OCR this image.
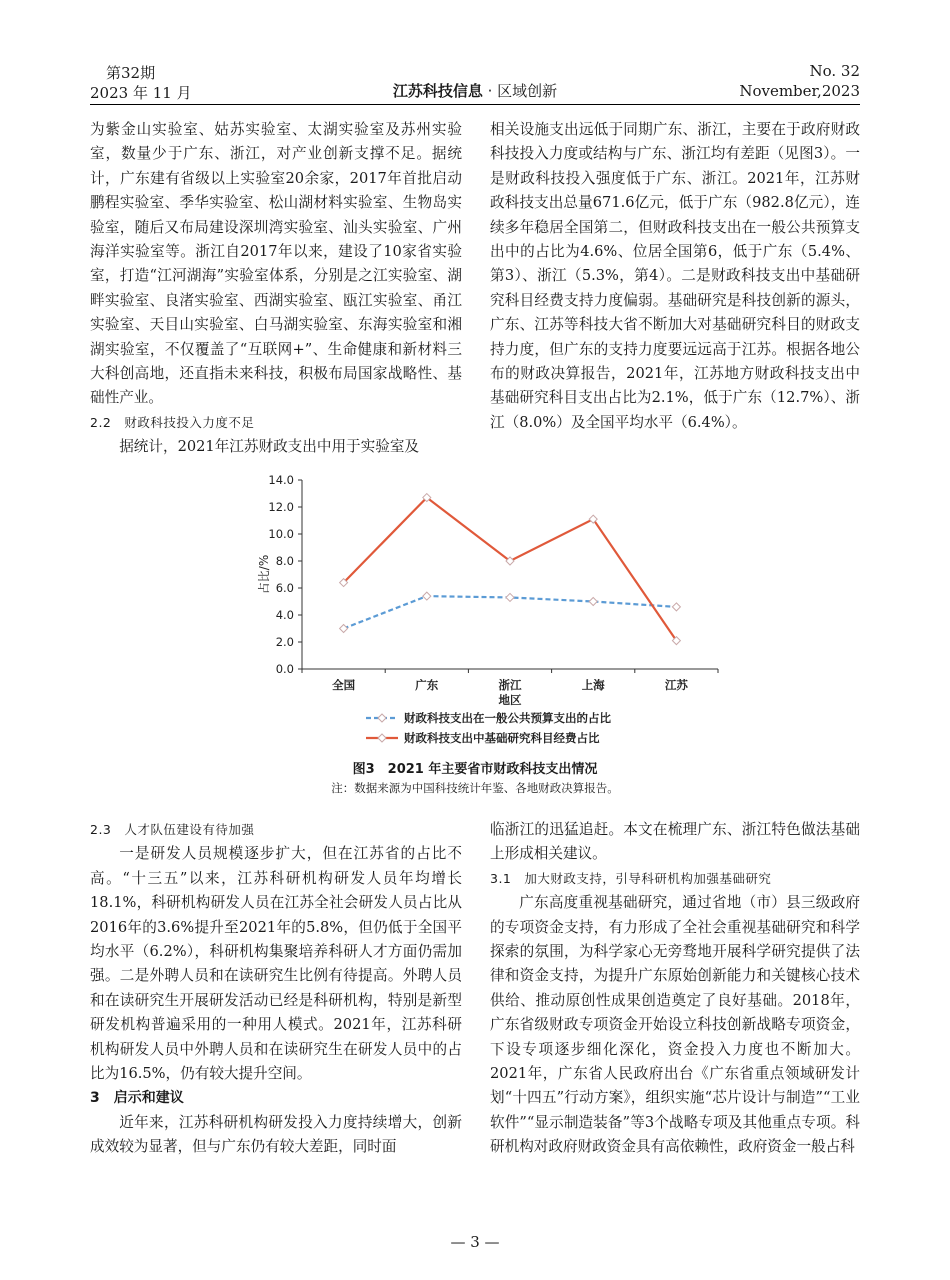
第32期
2023 年 11 月	江苏科技信息 · 区域创新
No. 32
November,2023

为紫金山实验室、姑苏实验室、太湖实验室及苏州实验室，数量少于广东、浙江，对产业创新支撑不足。据统计，广东建有省级以上实验室20余家，2017年首批启动鹏程实验室、季华实验室、松山湖材料实验室、生物岛实验室，随后又布局建设深圳湾实验室、汕头实验室、广州海洋实验室等。浙江自2017年以来，建设了10家省实验室，打造“江河湖海”实验室体系，分别是之江实验室、湖畔实验室、良渚实验室、西湖实验室、瓯江实验室、甬江实验室、天目山实验室、白马湖实验室、东海实验室和湘湖实验室，不仅覆盖了“互联网+”、生命健康和新材料三大科创高地，还直指未来科技，积极布局国家战略性、基础性产业。

2.2　财政科技投入力度不足

据统计，2021年江苏财政支出中用于实验室及

相关设施支出远低于同期广东、浙江，主要在于政府财政科技投入力度或结构与广东、浙江均有差距（见图3）。一是财政科技投入强度低于广东、浙江。2021年，江苏财政科技支出总量671.6亿元，低于广东（982.8亿元），连续多年稳居全国第二，但财政科技支出在一般公共预算支出中的占比为4.6%、位居全国第6，低于广东（5.4%、第3）、浙江（5.3%，第4）。二是财政科技支出中基础研究科目经费支持力度偏弱。基础研究是科技创新的源头，广东、江苏等科技大省不断加大对基础研究科目的财政支持力度，但广东的支持力度要远远高于江苏。根据各地公布的财政决算报告，2021年，江苏地方财政科技支出中基础研究科目支出占比为2.1%，低于广东（12.7%）、浙江（8.0%）及全国平均水平（6.4%）。

0.0
2.0
4.0
6.0
8.0
10.0
12.0
14.0
全国	广东	浙江	上海	江苏
地区
占比/%
财政科技支出在一般公共预算支出的占比
财政科技支出中基础研究科目经费占比
图3　2021 年主要省市财政科技支出情况
注：数据来源为中国科技统计年鉴、各地财政决算报告。

2.3　人才队伍建设有待加强

一是研发人员规模逐步扩大，但在江苏省的占比不高。“十三五”以来，江苏科研机构研发人员年均增长18.1%，科研机构研发人员在江苏全社会研发人员占比从2016年的3.6%提升至2021年的5.8%，但仍低于全国平均水平（6.2%），科研机构集聚培养科研人才方面仍需加强。二是外聘人员和在读研究生比例有待提高。外聘人员和在读研究生开展研发活动已经是科研机构，特别是新型研发机构普遍采用的一种用人模式。2021年，江苏科研机构研发人员中外聘人员和在读研究生在研发人员中的占比为16.5%，仍有较大提升空间。

3　启示和建议

近年来，江苏科研机构研发投入力度持续增大，创新成效较为显著，但与广东仍有较大差距，同时面

临浙江的迅猛追赶。本文在梳理广东、浙江特色做法基础上形成相关建议。

3.1　加大财政支持，引导科研机构加强基础研究

广东高度重视基础研究，通过省地（市）县三级政府的专项资金支持，有力形成了全社会重视基础研究和科学探索的氛围，为科学家心无旁骛地开展科学研究提供了法律和资金支持，为提升广东原始创新能力和关键核心技术供给、推动原创性成果创造奠定了良好基础。2018年，广东省级财政专项资金开始设立科技创新战略专项资金，下设专项逐步细化深化，资金投入力度也不断加大。2021年，广东省人民政府出台《广东省重点领域研发计划“十四五”行动方案》，组织实施“芯片设计与制造”“工业软件”“显示制造装备”等3个战略专项及其他重点专项。科研机构对政府财政资金具有高依赖性，政府资金一般占科

— 3 —
